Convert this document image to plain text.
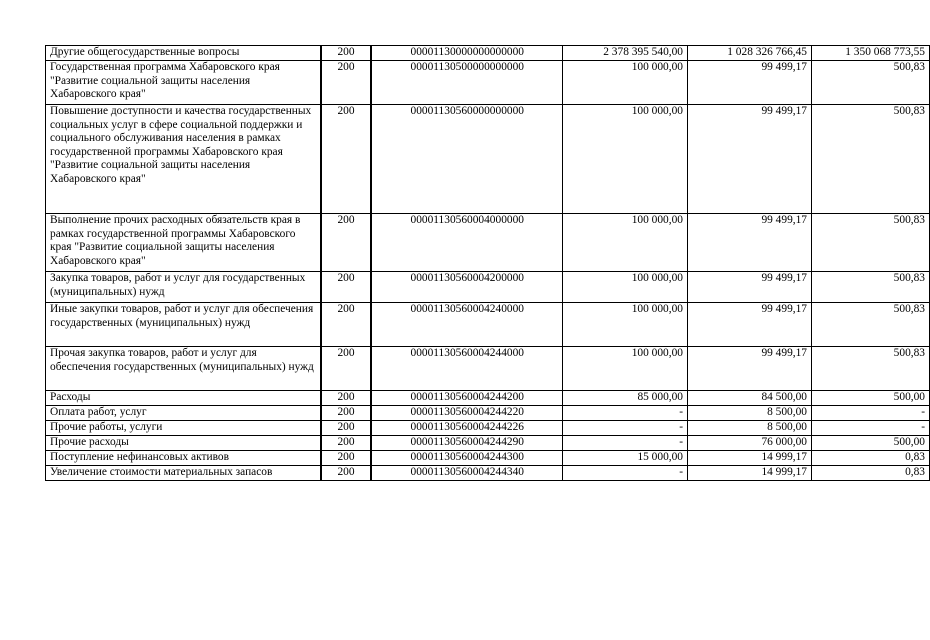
Другие общегосударственные вопросы	200	00001130000000000000	2 378 395 540,00	1 028 326 766,45	1 350 068 773,55
Государственная программа Хабаровского края "Развитие социальной защиты населения Хабаровского края"	200	00001130500000000000	100 000,00	99 499,17	500,83
Повышение доступности и качества государственных социальных услуг в сфере социальной поддержки и социального обслуживания населения в рамках государственной программы Хабаровского края "Развитие социальной защиты населения Хабаровского края"	200	00001130560000000000	100 000,00	99 499,17	500,83
Выполнение прочих расходных обязательств края в рамках государственной программы Хабаровского края "Развитие социальной защиты населения Хабаровского края"	200	00001130560004000000	100 000,00	99 499,17	500,83
Закупка товаров, работ и услуг для государственных (муниципальных) нужд	200	00001130560004200000	100 000,00	99 499,17	500,83
Иные закупки товаров, работ и услуг для обеспечения государственных (муниципальных) нужд	200	00001130560004240000	100 000,00	99 499,17	500,83
Прочая закупка товаров, работ и услуг для обеспечения государственных (муниципальных) нужд	200	00001130560004244000	100 000,00	99 499,17	500,83
Расходы	200	00001130560004244200	85 000,00	84 500,00	500,00
Оплата работ, услуг	200	00001130560004244220	-	8 500,00	-
Прочие работы, услуги	200	00001130560004244226	-	8 500,00	-
Прочие расходы	200	00001130560004244290	-	76 000,00	500,00
Поступление нефинансовых активов	200	00001130560004244300	15 000,00	14 999,17	0,83
Увеличение стоимости материальных запасов	200	00001130560004244340	-	14 999,17	0,83
